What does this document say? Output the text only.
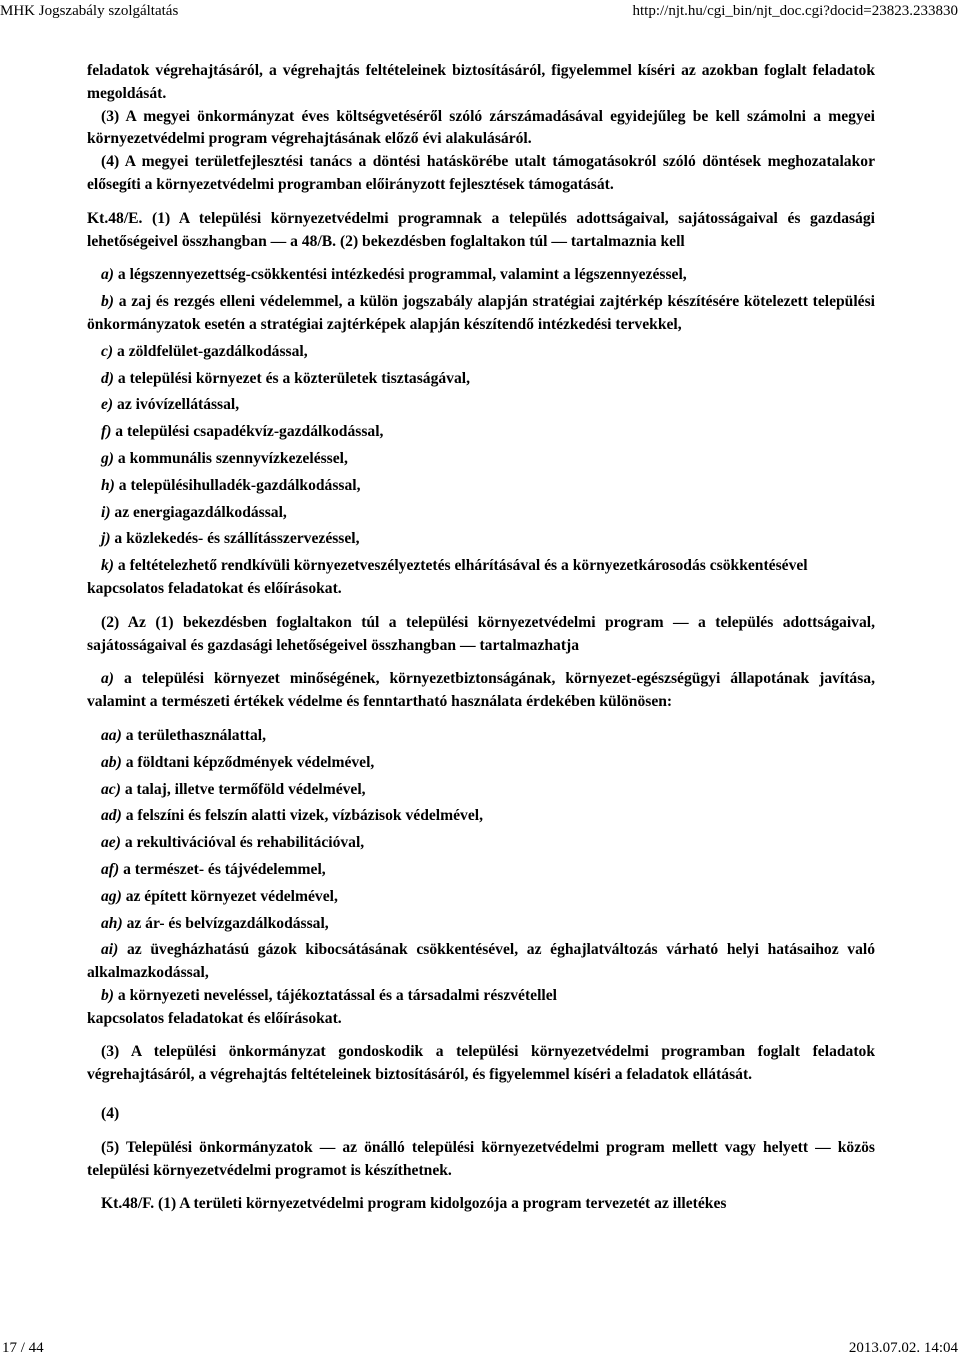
MHK Jogszabály szolgáltatás	http://njt.hu/cgi_bin/njt_doc.cgi?docid=23823.233830

feladatok végrehajtásáról, a végrehajtás feltételeinek biztosításáról, figyelemmel kíséri az azokban foglalt feladatok megoldását.

(3) A megyei önkormányzat éves költségvetéséről szóló zárszámadásával egyidejűleg be kell számolni a megyei környezetvédelmi program végrehajtásának előző évi alakulásáról.

(4) A megyei területfejlesztési tanács a döntési hatáskörébe utalt támogatásokról szóló döntések meghozatalakor elősegíti a környezetvédelmi programban előirányzott fejlesztések támogatását.

Kt.48/E. (1) A települési környezetvédelmi programnak a település adottságaival, sajátosságaival és gazdasági lehetőségeivel összhangban — a 48/B. (2) bekezdésben foglaltakon túl — tartalmaznia kell

a) a légszennyezettség-csökkentési intézkedési programmal, valamint a légszennyezéssel,

b) a zaj és rezgés elleni védelemmel, a külön jogszabály alapján stratégiai zajtérkép készítésére kötelezett települési önkormányzatok esetén a stratégiai zajtérképek alapján készítendő intézkedési tervekkel,

c) a zöldfelület-gazdálkodással,

d) a települési környezet és a közterületek tisztaságával,

e) az ivóvízellátással,

f) a települési csapadékvíz-gazdálkodással,

g) a kommunális szennyvízkezeléssel,

h) a településihulladék-gazdálkodással,

i) az energiagazdálkodással,

j) a közlekedés- és szállításszervezéssel,

k) a feltételezhető rendkívüli környezetveszélyeztetés elhárításával és a környezetkárosodás csökkentésével

kapcsolatos feladatokat és előírásokat.

(2) Az (1) bekezdésben foglaltakon túl a települési környezetvédelmi program — a település adottságaival, sajátosságaival és gazdasági lehetőségeivel összhangban — tartalmazhatja

a) a települési környezet minőségének, környezetbiztonságának, környezet-egészségügyi állapotának javítása, valamint a természeti értékek védelme és fenntartható használata érdekében különösen:

aa) a területhasználattal,

ab) a földtani képződmények védelmével,

ac) a talaj, illetve termőföld védelmével,

ad) a felszíni és felszín alatti vizek, vízbázisok védelmével,

ae) a rekultivációval és rehabilitációval,

af) a természet- és tájvédelemmel,

ag) az épített környezet védelmével,

ah) az ár- és belvízgazdálkodással,

ai) az üvegházhatású gázok kibocsátásának csökkentésével, az éghajlatváltozás várható helyi hatásaihoz való alkalmazkodással,

b) a környezeti neveléssel, tájékoztatással és a társadalmi részvétellel

kapcsolatos feladatokat és előírásokat.

(3) A települési önkormányzat gondoskodik a települési környezetvédelmi programban foglalt feladatok végrehajtásáról, a végrehajtás feltételeinek biztosításáról, és figyelemmel kíséri a feladatok ellátását.

(4)

(5) Települési önkormányzatok — az önálló települési környezetvédelmi program mellett vagy helyett — közös települési környezetvédelmi programot is készíthetnek.

Kt.48/F. (1) A területi környezetvédelmi program kidolgozója a program tervezetét az illetékes

17 / 44	2013.07.02. 14:04
